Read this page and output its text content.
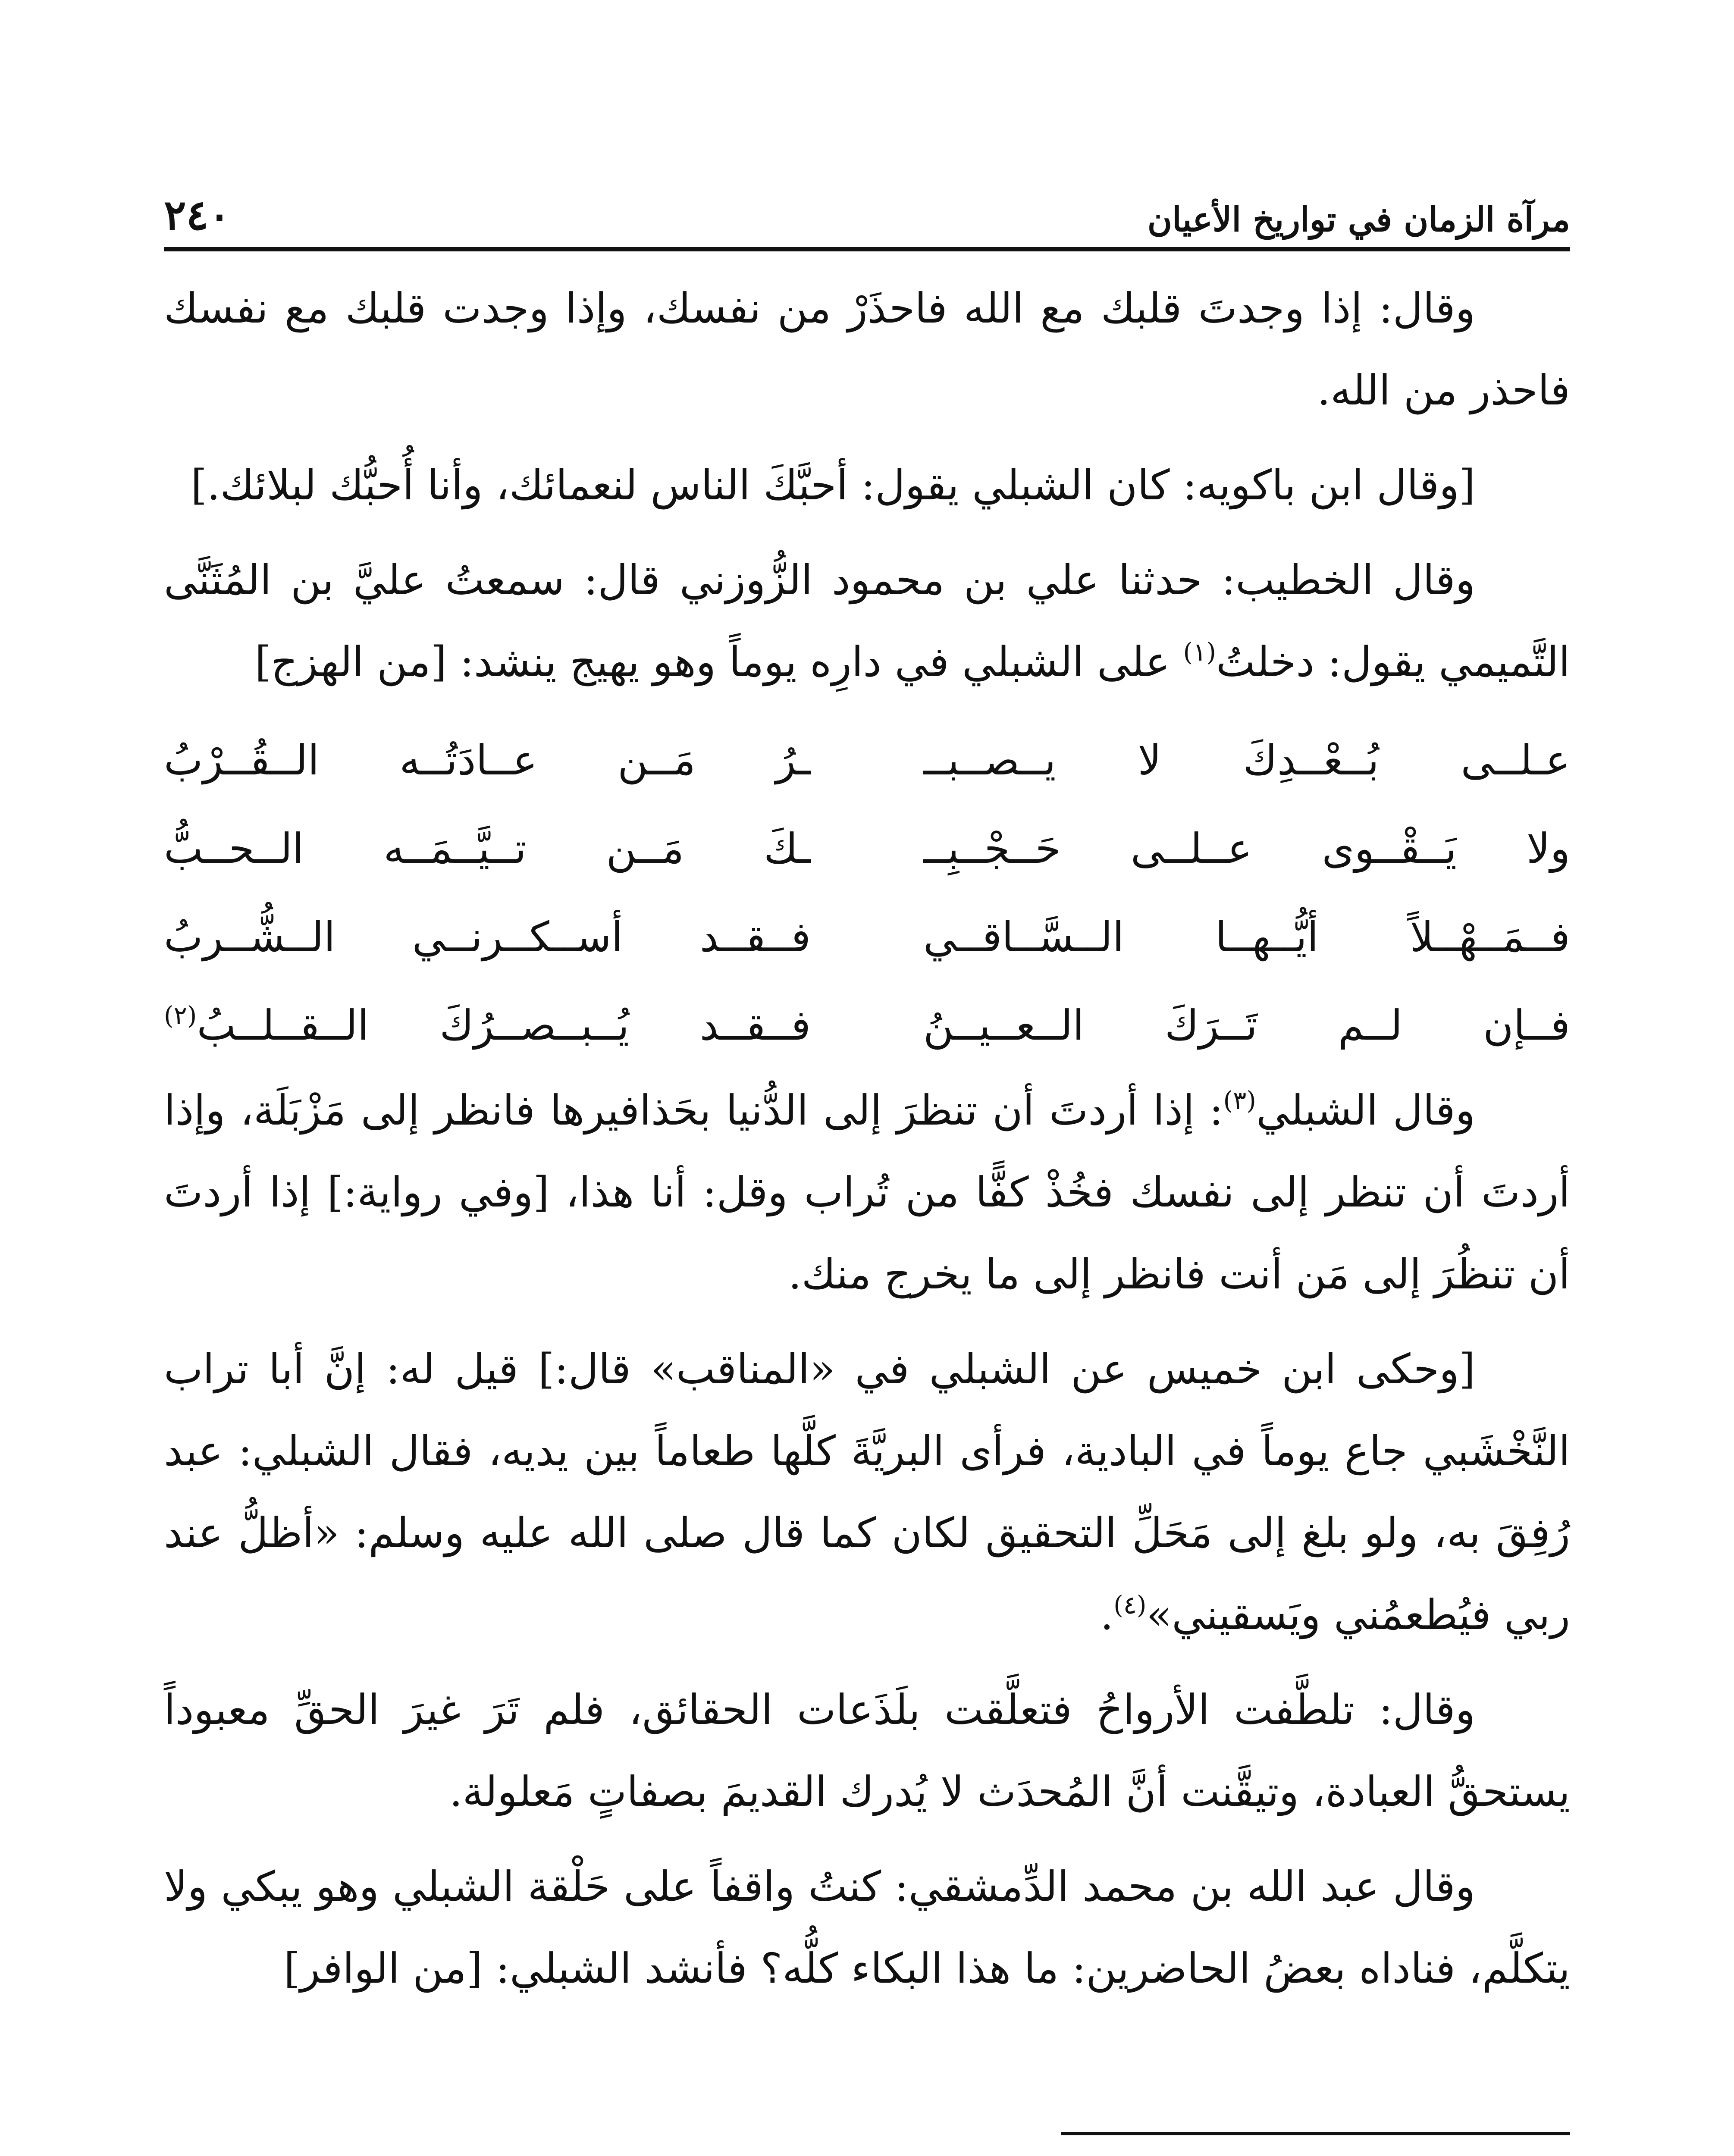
٢٤٠	مرآة الزمان في تواريخ الأعيان

وقال: إذا وجدتَ قلبك مع الله فاحذَرْ من نفسك، وإذا وجدت قلبك مع نفسك فاحذر من الله.

[وقال ابن باكويه: كان الشبلي يقول: أحبَّكَ الناس لنعمائك، وأنا أُحبُّك لبلائك.]

وقال الخطيب: حدثنا علي بن محمود الزُّوزني قال: سمعتُ عليَّ بن المُثَنَّى التَّميمي يقول: دخلتُ$^{(١)}$ على الشبلي في دارِه يوماً وهو يهيج ينشد: [من الهزج]

عـلــى بُــعْــدِكَ لا يــصــبــ
ـرُ مَــن عــادَتُــه الــقُــرْبُ
ولا يَــقْــوى عــلــى حَــجْــبِــ
ـكَ مَــن تــيَّــمَــه الــحــبُّ
فــمَــهْــلاً أيُّــهــا الــسَّــاقــي
فــقــد أســكــرنــي الــشُّــربُ
فــإن لــم تَــرَكَ الــعــيــنُ
فــقــد يُــبــصــرُكَ الــقــلــبُ$^{(٢)}$

وقال الشبلي$^{(٣)}$: إذا أردتَ أن تنظرَ إلى الدُّنيا بحَذافيرها فانظر إلى مَزْبَلَة، وإذا أردتَ أن تنظر إلى نفسك فخُذْ كفًّا من تُراب وقل: أنا هذا، [وفي رواية:] إذا أردتَ أن تنظُرَ إلى مَن أنت فانظر إلى ما يخرج منك.

[وحكى ابن خميس عن الشبلي في «المناقب» قال:] قيل له: إنَّ أبا تراب النَّخْشَبي جاع يوماً في البادية، فرأى البريَّةَ كلَّها طعاماً بين يديه، فقال الشبلي: عبد رُفِقَ به، ولو بلغ إلى مَحَلِّ التحقيق لكان كما قال صلى الله عليه وسلم: «أظلُّ عند ربي فيُطعمُني ويَسقيني»$^{(٤)}$.

وقال: تلطَّفت الأرواحُ فتعلَّقت بلَذَعات الحقائق، فلم تَرَ غيرَ الحقِّ معبوداً يستحقُّ العبادة، وتيقَّنت أنَّ المُحدَث لا يُدرك القديمَ بصفاتٍ مَعلولة.

وقال عبد الله بن محمد الدِّمشقي: كنتُ واقفاً على حَلْقة الشبلي وهو يبكي ولا يتكلَّم، فناداه بعضُ الحاضرين: ما هذا البكاء كلُّه؟ فأنشد الشبلي: [من الوافر]
